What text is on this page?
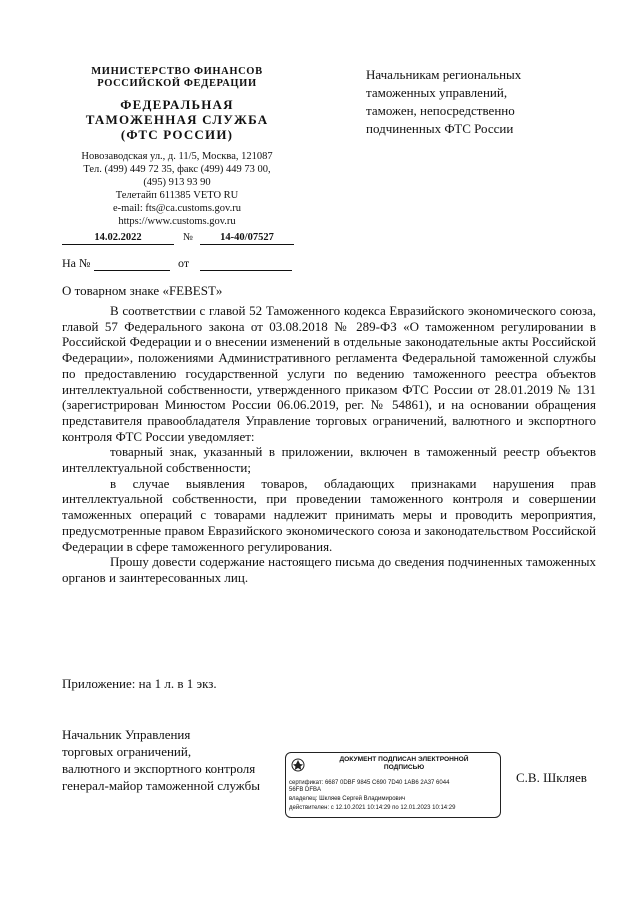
МИНИСТЕРСТВО ФИНАНСОВ
РОССИЙСКОЙ ФЕДЕРАЦИИ
ФЕДЕРАЛЬНАЯ
ТАМОЖЕННАЯ СЛУЖБА
(ФТС РОССИИ)
Новозаводская ул., д. 11/5, Москва, 121087
Тел. (499) 449 72 35, факс (499) 449 73 00,
(495) 913 93 90
Телетайп 611385 VETO RU
e-mail: fts@ca.customs.gov.ru
https://www.customs.gov.ru
14.02.2022	№	14-40/07527
На №	от
Начальникам региональных
таможенных управлений,
таможен, непосредственно
подчиненных ФТС России
О товарном знаке «FEBEST»

В соответствии с главой 52 Таможенного кодекса Евразийского экономического союза, главой 57 Федерального закона от 03.08.2018 № 289-ФЗ «О таможенном регулировании в Российской Федерации и о внесении изменений в отдельные законодательные акты Российской Федерации», положениями Административного регламента Федеральной таможенной службы по предоставлению государственной услуги по ведению таможенного реестра объектов интеллектуальной собственности, утвержденного приказом ФТС России от 28.01.2019 № 131 (зарегистрирован Минюстом России 06.06.2019, рег. № 54861), и на основании обращения представителя правообладателя Управление торговых ограничений, валютного и экспортного контроля ФТС России уведомляет:

товарный знак, указанный в приложении, включен в таможенный реестр объектов интеллектуальной собственности;

в случае выявления товаров, обладающих признаками нарушения прав интеллектуальной собственности, при проведении таможенного контроля и совершении таможенных операций с товарами надлежит принимать меры и проводить мероприятия, предусмотренные правом Евразийского экономического союза и законодательством Российской Федерации в сфере таможенного регулирования.

Прошу довести содержание настоящего письма до сведения подчиненных таможенных органов и заинтересованных лиц.

Приложение: на 1 л. в 1 экз.
Начальник Управления
торговых ограничений,
валютного и экспортного контроля
генерал-майор таможенной службы
ДОКУМЕНТ ПОДПИСАН ЭЛЕКТРОННОЙ
ПОДПИСЬЮ
сертификат: 6687 0DBF 9845 C690 7D40 1AB6 2A37 6044
56FB DFBA
владелец: Шкляев Сергей Владимирович
действителен: с 12.10.2021 10:14:29 по 12.01.2023 10:14:29
С.В. Шкляев
